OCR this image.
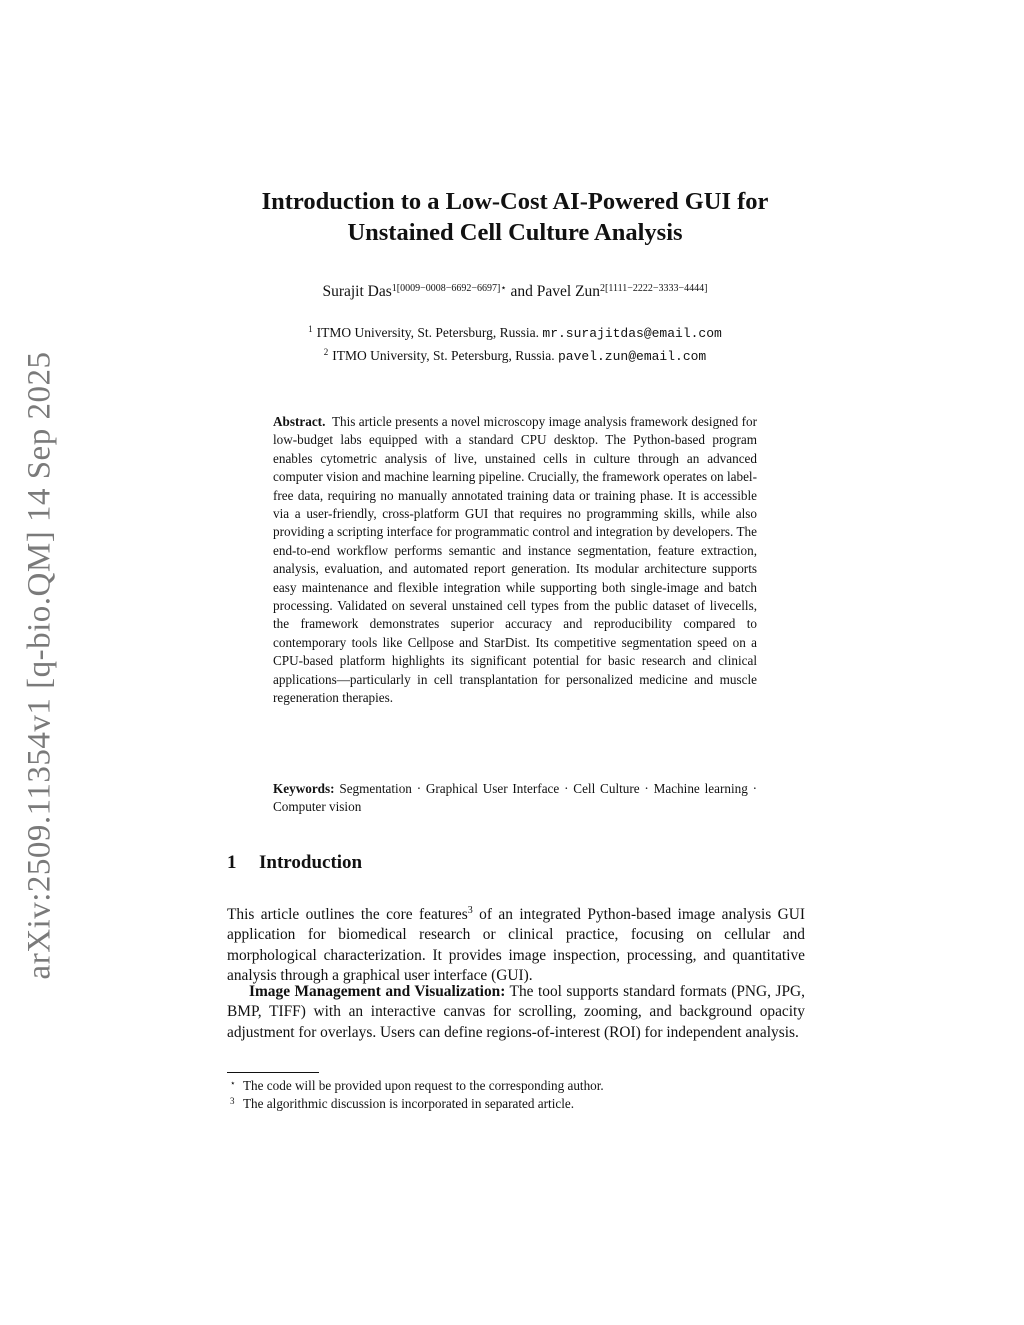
arXiv:2509.11354v1 [q-bio.QM] 14 Sep 2025
Introduction to a Low-Cost AI-Powered GUI for
Unstained Cell Culture Analysis
Surajit Das$^{1[0009-0008-6692-6697]⋆}$ and Pavel Zun$^{2[1111-2222-3333-4444]}$
$^1$ ITMO University, St. Petersburg, Russia. mr.surajitdas@email.com
$^2$ ITMO University, St. Petersburg, Russia. pavel.zun@email.com
Abstract. This article presents a novel microscopy image analysis framework designed for low-budget labs equipped with a standard CPU desktop. The Python-based program enables cytometric analysis of live, unstained cells in culture through an advanced computer vision and machine learning pipeline. Crucially, the framework operates on label-free data, requiring no manually annotated training data or training phase. It is accessible via a user-friendly, cross-platform GUI that requires no programming skills, while also providing a scripting interface for programmatic control and integration by developers. The end-to-end workflow performs semantic and instance segmentation, feature extraction, analysis, evaluation, and automated report generation. Its modular architecture supports easy maintenance and flexible integration while supporting both single-image and batch processing. Validated on several unstained cell types from the public dataset of livecells, the framework demonstrates superior accuracy and reproducibility compared to contemporary tools like Cellpose and StarDist. Its competitive segmentation speed on a CPU-based platform highlights its significant potential for basic research and clinical applications—particularly in cell transplantation for personalized medicine and muscle regeneration therapies.
Keywords: Segmentation · Graphical User Interface · Cell Culture · Machine learning · Computer vision
1 Introduction
This article outlines the core features$^3$ of an integrated Python-based image analysis GUI application for biomedical research or clinical practice, focusing on cellular and morphological characterization. It provides image inspection, processing, and quantitative analysis through a graphical user interface (GUI).
Image Management and Visualization: The tool supports standard formats (PNG, JPG, BMP, TIFF) with an interactive canvas for scrolling, zooming, and background opacity adjustment for overlays. Users can define regions-of-interest (ROI) for independent analysis.
⋆ The code will be provided upon request to the corresponding author.
3 The algorithmic discussion is incorporated in separated article.
